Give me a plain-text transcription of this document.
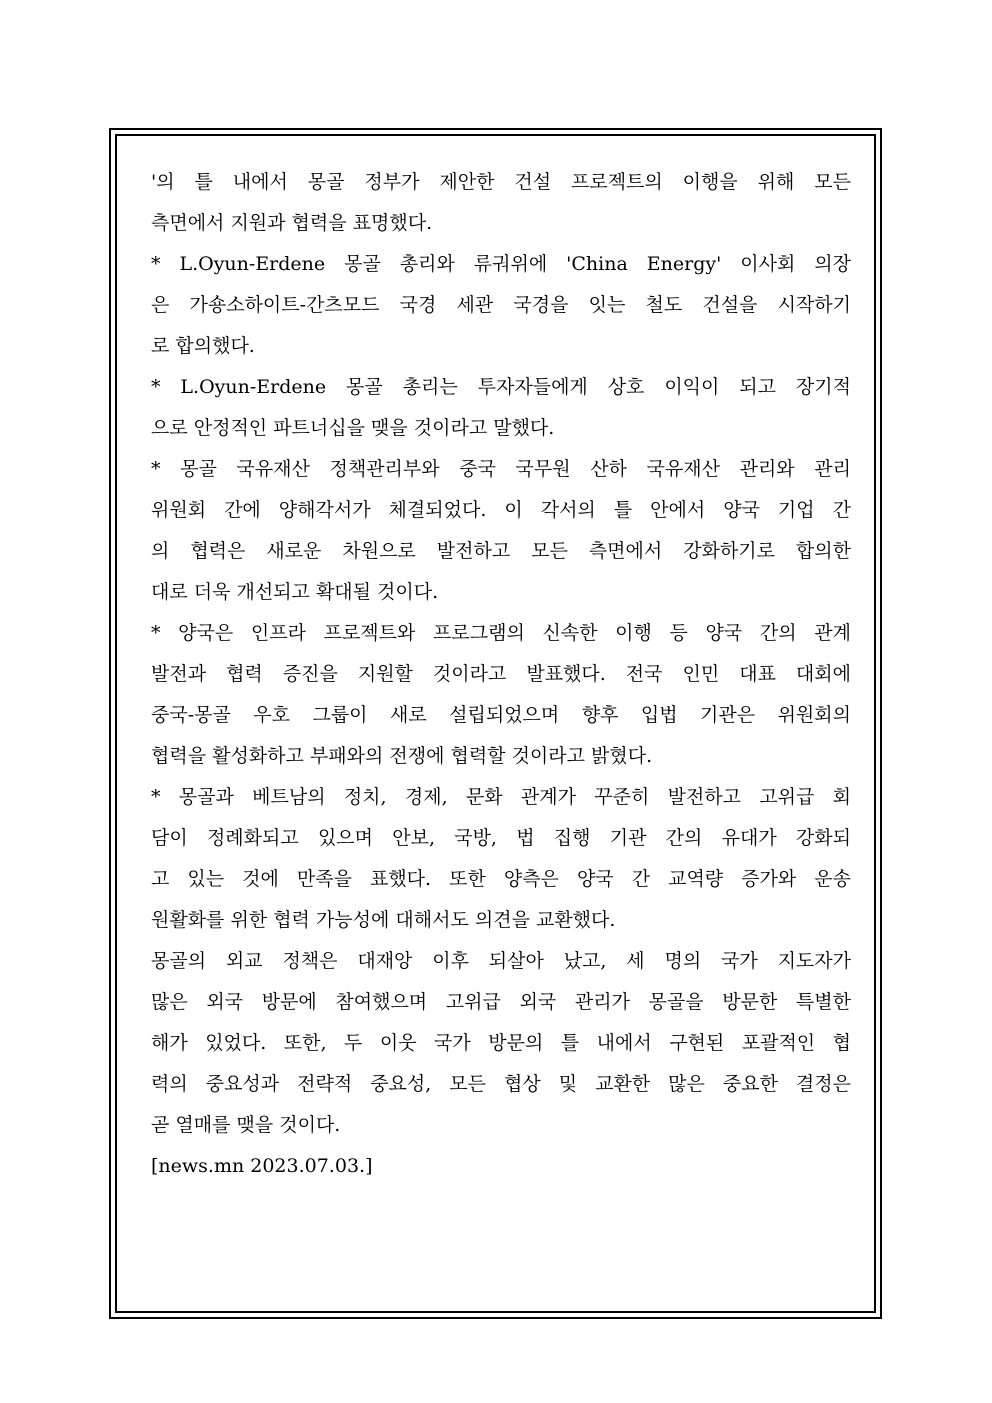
'의 틀 내에서 몽골 정부가 제안한 건설 프로젝트의 이행을 위해 모든
측면에서 지원과 협력을 표명했다.
* L.Oyun-Erdene 몽골 총리와 류궈위에 'China Energy' 이사회 의장
은 가숑소하이트-간츠모드 국경 세관 국경을 잇는 철도 건설을 시작하기
로 합의했다.
* L.Oyun-Erdene 몽골 총리는 투자자들에게 상호 이익이 되고 장기적
으로 안정적인 파트너십을 맺을 것이라고 말했다.
* 몽골 국유재산 정책관리부와 중국 국무원 산하 국유재산 관리와 관리
위원회 간에 양해각서가 체결되었다. 이 각서의 틀 안에서 양국 기업 간
의 협력은 새로운 차원으로 발전하고 모든 측면에서 강화하기로 합의한
대로 더욱 개선되고 확대될 것이다.
* 양국은 인프라 프로젝트와 프로그램의 신속한 이행 등 양국 간의 관계
발전과 협력 증진을 지원할 것이라고 발표했다. 전국 인민 대표 대회에
중국-몽골 우호 그룹이 새로 설립되었으며 향후 입법 기관은 위원회의
협력을 활성화하고 부패와의 전쟁에 협력할 것이라고 밝혔다.
* 몽골과 베트남의 정치, 경제, 문화 관계가 꾸준히 발전하고 고위급 회
담이 정례화되고 있으며 안보, 국방, 법 집행 기관 간의 유대가 강화되
고 있는 것에 만족을 표했다. 또한 양측은 양국 간 교역량 증가와 운송
원활화를 위한 협력 가능성에 대해서도 의견을 교환했다.
몽골의 외교 정책은 대재앙 이후 되살아 났고, 세 명의 국가 지도자가
많은 외국 방문에 참여했으며 고위급 외국 관리가 몽골을 방문한 특별한
해가 있었다. 또한, 두 이웃 국가 방문의 틀 내에서 구현된 포괄적인 협
력의 중요성과 전략적 중요성, 모든 협상 및 교환한 많은 중요한 결정은
곧 열매를 맺을 것이다.
[news.mn 2023.07.03.]
